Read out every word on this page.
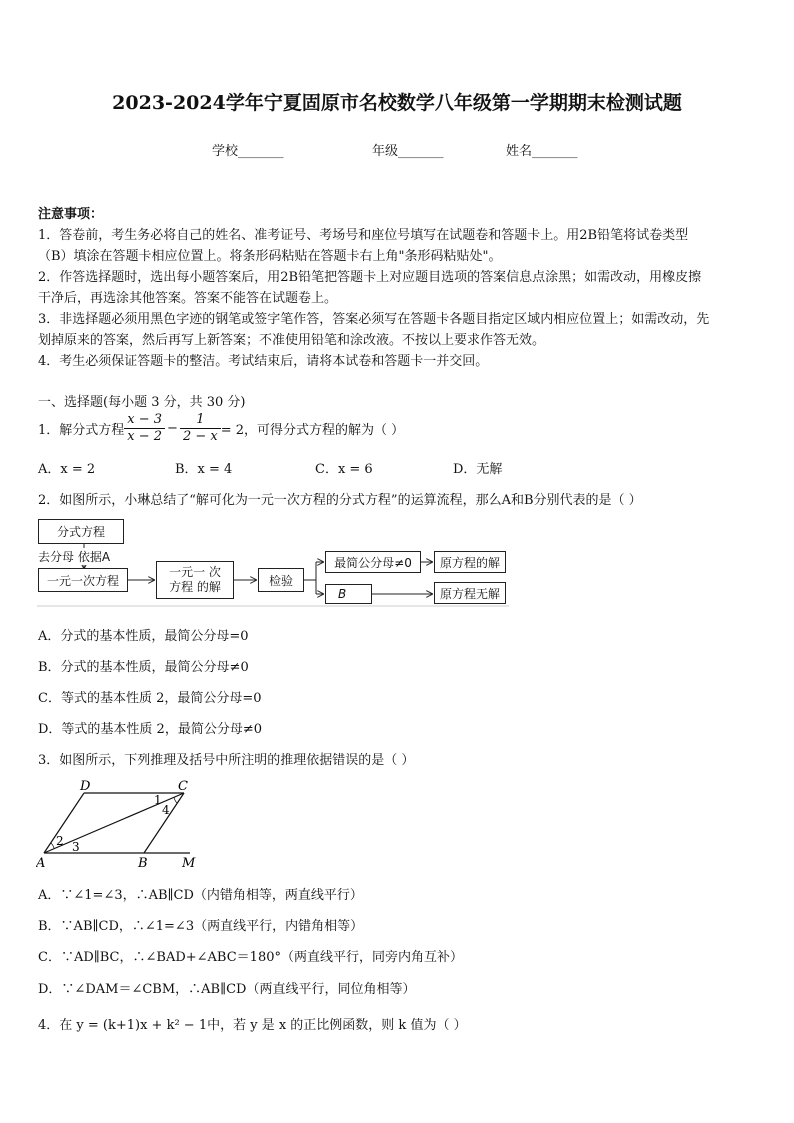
2023-2024学年宁夏固原市名校数学八年级第一学期期末检测试题
学校_______	年级_______	姓名_______
注意事项：
1．答卷前，考生务必将自己的姓名、准考证号、考场号和座位号填写在试题卷和答题卡上。用2B铅笔将试卷类型
（B）填涂在答题卡相应位置上。将条形码粘贴在答题卡右上角"条形码粘贴处"。
2．作答选择题时，选出每小题答案后，用2B铅笔把答题卡上对应题目选项的答案信息点涂黑；如需改动，用橡皮擦
干净后，再选涂其他答案。答案不能答在试题卷上。
3．非选择题必须用黑色字迹的钢笔或签字笔作答，答案必须写在答题卡各题目指定区域内相应位置上；如需改动，先
划掉原来的答案，然后再写上新答案；不准使用铅笔和涂改液。不按以上要求作答无效。
4．考生必须保证答题卡的整洁。考试结束后，请将本试卷和答题卡一并交回。
一、选择题(每小题 3 分，共 30 分)
1．解分式方程 $\frac{x - 3}{x - 2} - \frac{1}{2 - x} = 2$，可得分式方程的解为（ ）
A．x = 2	B．x = 4	C．x = 6	D．无解
2．如图所示，小琳总结了“解可化为一元一次方程的分式方程”的运算流程，那么A和B分别代表的是（ ）
分式方程
去分母 依据A
一元一次方程
一元一 次
方程 的解	检验
最简公分母≠0
B
原方程的解
原方程无解
A．分式的基本性质，最简公分母=0
B．分式的基本性质，最简公分母≠0
C．等式的基本性质 2，最简公分母=0
D．等式的基本性质 2，最简公分母≠0
3．如图所示，下列推理及括号中所注明的推理依据错误的是（ ）
D	C
A	B	M
1
2 3
4
A．∵∠1=∠3，∴AB∥CD（内错角相等，两直线平行）
B．∵AB∥CD，∴∠1=∠3（两直线平行，内错角相等）
C．∵AD∥BC，∴∠BAD+∠ABC＝180°（两直线平行，同旁内角互补）
D．∵∠DAM＝∠CBM，∴AB∥CD（两直线平行，同位角相等）
4．在 y = (k+1)x + k² − 1中，若 y 是 x 的正比例函数，则 k 值为（ ）
